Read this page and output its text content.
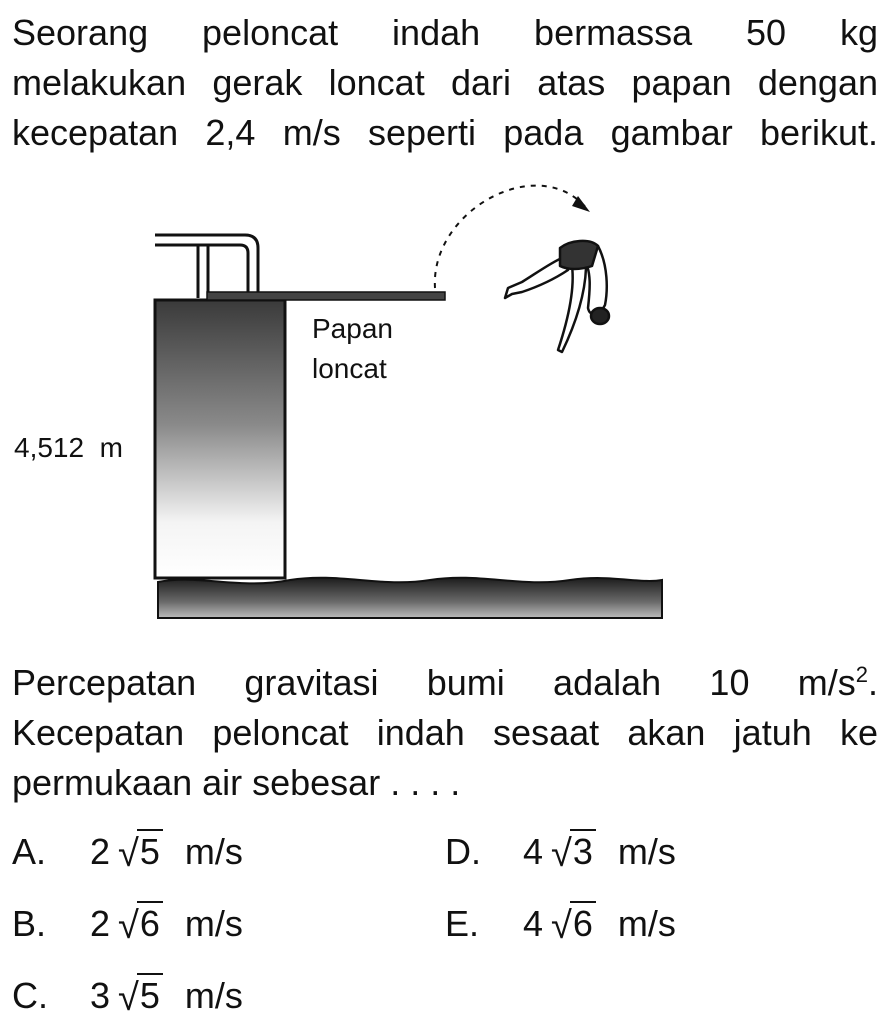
Seorang peloncat indah bermassa 50 kg
melakukan gerak loncat dari atas papan dengan
kecepatan 2,4 m/s seperti pada gambar berikut.
Papan
loncat
4,512  m
Percepatan gravitasi bumi adalah 10 $m/s^2$.
Kecepatan peloncat indah sesaat akan jatuh ke
permukaan air sebesar . . . .
A. 2 √5 m/s
B. 2 √6 m/s
C. 3 √5 m/s
D. 4 √3 m/s
E. 4 √6 m/s
